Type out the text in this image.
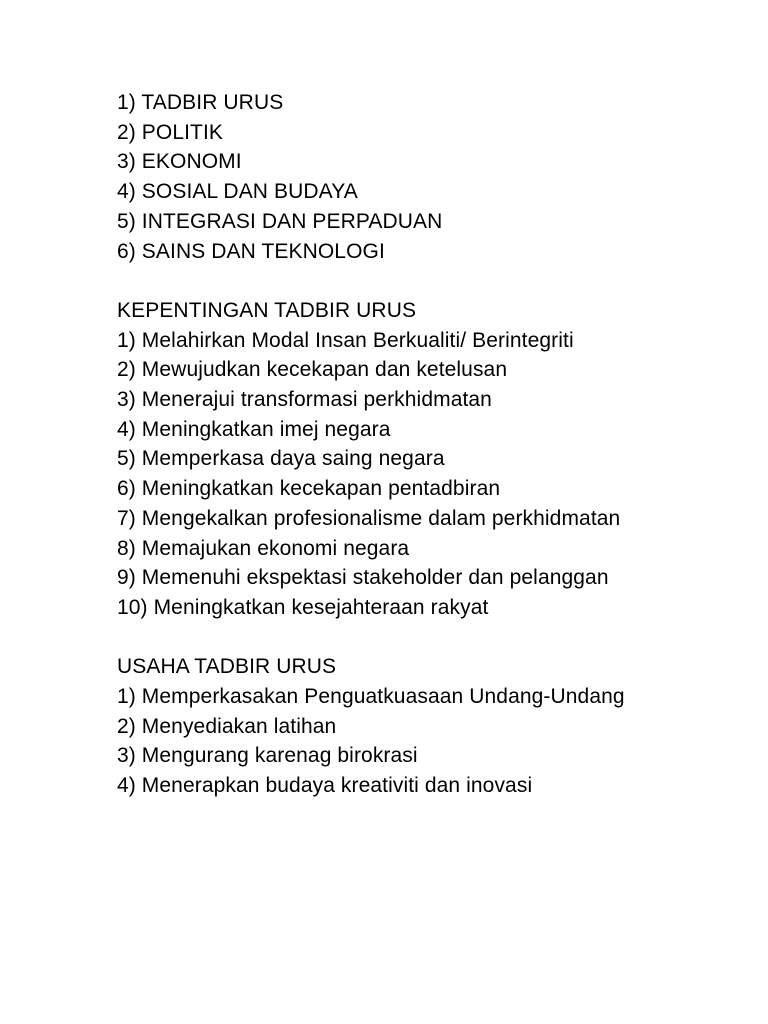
1) TADBIR URUS
2) POLITIK
3) EKONOMI
4) SOSIAL DAN BUDAYA
5) INTEGRASI DAN PERPADUAN
6) SAINS DAN TEKNOLOGI
KEPENTINGAN TADBIR URUS
1) Melahirkan Modal Insan Berkualiti/ Berintegriti
2) Mewujudkan kecekapan dan ketelusan
3) Menerajui transformasi perkhidmatan
4) Meningkatkan imej negara
5) Memperkasa daya saing negara
6) Meningkatkan kecekapan pentadbiran
7) Mengekalkan profesionalisme dalam perkhidmatan
8) Memajukan ekonomi negara
9) Memenuhi ekspektasi stakeholder dan pelanggan
10) Meningkatkan kesejahteraan rakyat
USAHA TADBIR URUS
1) Memperkasakan Penguatkuasaan Undang-Undang
2) Menyediakan latihan
3) Mengurang karenag birokrasi
4) Menerapkan budaya kreativiti dan inovasi
